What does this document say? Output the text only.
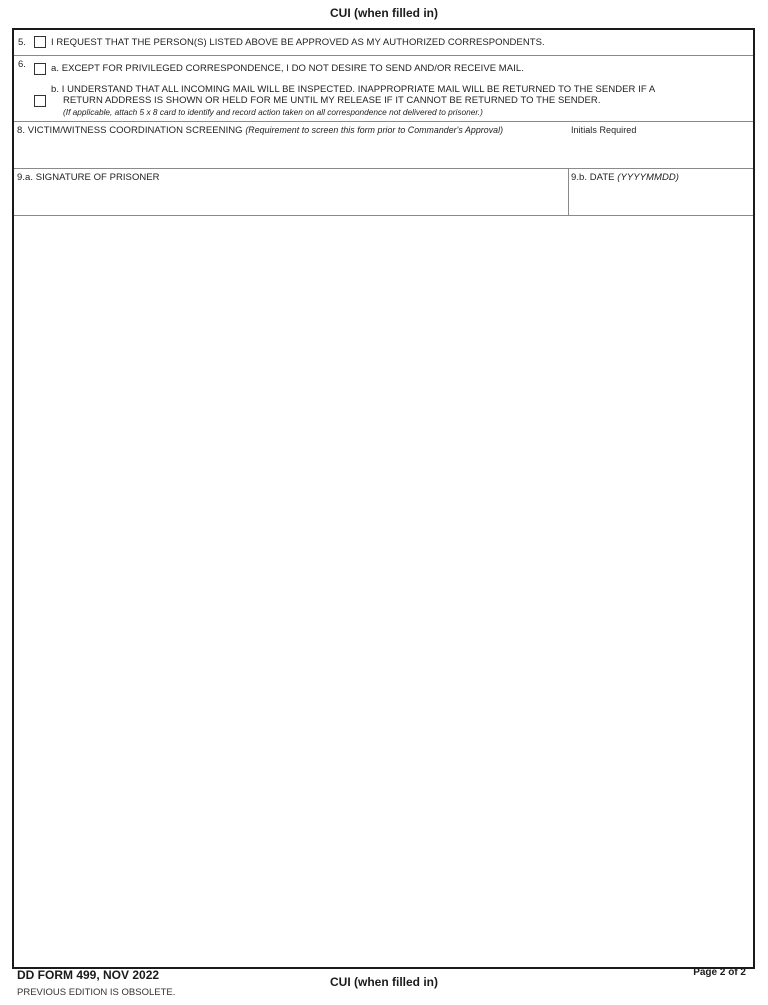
CUI (when filled in)
5.	I REQUEST THAT THE PERSON(S) LISTED ABOVE BE APPROVED AS MY AUTHORIZED CORRESPONDENTS.
6.	a. EXCEPT FOR PRIVILEGED CORRESPONDENCE, I DO NOT DESIRE TO SEND AND/OR RECEIVE MAIL.
b. I UNDERSTAND THAT ALL INCOMING MAIL WILL BE INSPECTED. INAPPROPRIATE MAIL WILL BE RETURNED TO THE SENDER IF A
RETURN ADDRESS IS SHOWN OR HELD FOR ME UNTIL MY RELEASE IF IT CANNOT BE RETURNED TO THE SENDER.
(If applicable, attach 5 x 8 card to identify and record action taken on all correspondence not delivered to prisoner.)
8. VICTIM/WITNESS COORDINATION SCREENING (Requirement to screen this form prior to Commander's Approval)	Initials Required
9.a. SIGNATURE OF PRISONER	9.b. DATE (YYYYMMDD)
DD FORM 499, NOV 2022
PREVIOUS EDITION IS OBSOLETE.
CUI (when filled in)
Page 2 of 2
